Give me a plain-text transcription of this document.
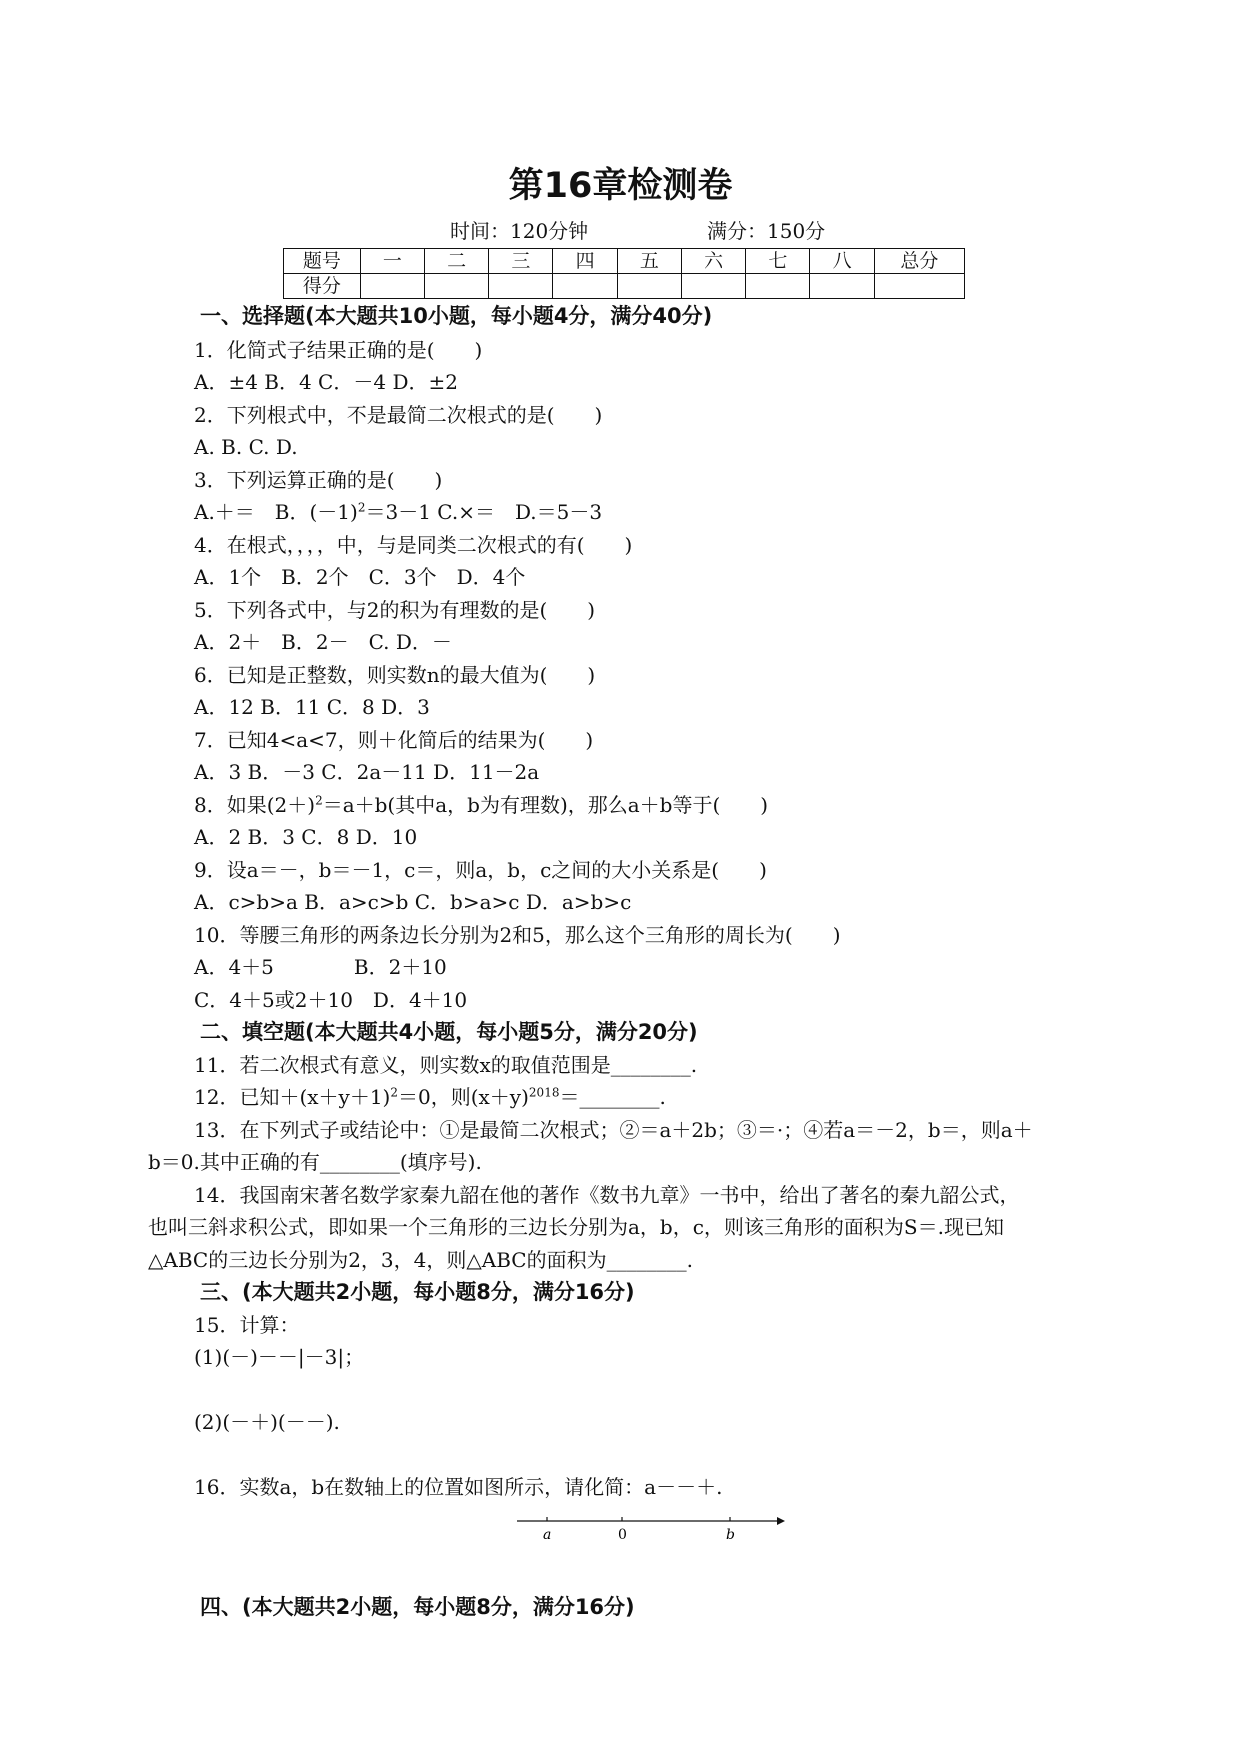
第16章检测卷
时间：120分钟	满分：150分
题号	一	二	三	四	五	六	七	八	总分
得分									
一、选择题(本大题共10小题，每小题4分，满分40分)
1．化简式子结果正确的是(　　)
A．±4 B．4 C．－4 D．±2
2．下列根式中，不是最简二次根式的是(　　)
A. B. C. D.
3．下列运算正确的是(　　)
A.＋＝　B．$(-1)^2=3-1$ C.×＝　D.＝5－3
4．在根式，，，，中，与是同类二次根式的有(　　)
A．1个　B．2个　C．3个　D．4个
5．下列各式中，与2的积为有理数的是(　　)
A．2＋　B．2－　C. D．－
6．已知是正整数，则实数n的最大值为(　　)
A．12 B．11 C．8 D．3
7．已知4<a<7，则＋化简后的结果为(　　)
A．3 B．－3 C．2a－11 D．11－2a
8．如果$(2+)^2=a+b$(其中a，b为有理数)，那么a＋b等于(　　)
A．2 B．3 C．8 D．10
9．设a＝－，b＝－1，c＝，则a，b，c之间的大小关系是(　　)
A．c>b>a B．a>c>b C．b>a>c D．a>b>c
10．等腰三角形的两条边长分别为2和5，那么这个三角形的周长为(　　)
A．4＋5　　　　B．2＋10
C．4＋5或2＋10　D．4＋10
二、填空题(本大题共4小题，每小题5分，满分20分)
11．若二次根式有意义，则实数x的取值范围是________.
12．已知$+(x+y+1)^2=0$，则$(x+y)^{2018}=\_\_\_\_\_\_\_\_$.
13．在下列式子或结论中：①是最简二次根式；②＝a＋2b；③＝·；④若a＝－2，b＝，则a＋
b＝0.其中正确的有________(填序号).
14．我国南宋著名数学家秦九韶在他的著作《数书九章》一书中，给出了著名的秦九韶公式，
也叫三斜求积公式，即如果一个三角形的三边长分别为a，b，c，则该三角形的面积为S＝.现已知
△ABC的三边长分别为2，3，4，则△ABC的面积为________.
三、(本大题共2小题，每小题8分，满分16分)
15．计算：
(1)(－)－－|－3|；
(2)(－＋)(－－).
16．实数a，b在数轴上的位置如图所示，请化简：a－－＋.
a	0	b
四、(本大题共2小题，每小题8分，满分16分)
